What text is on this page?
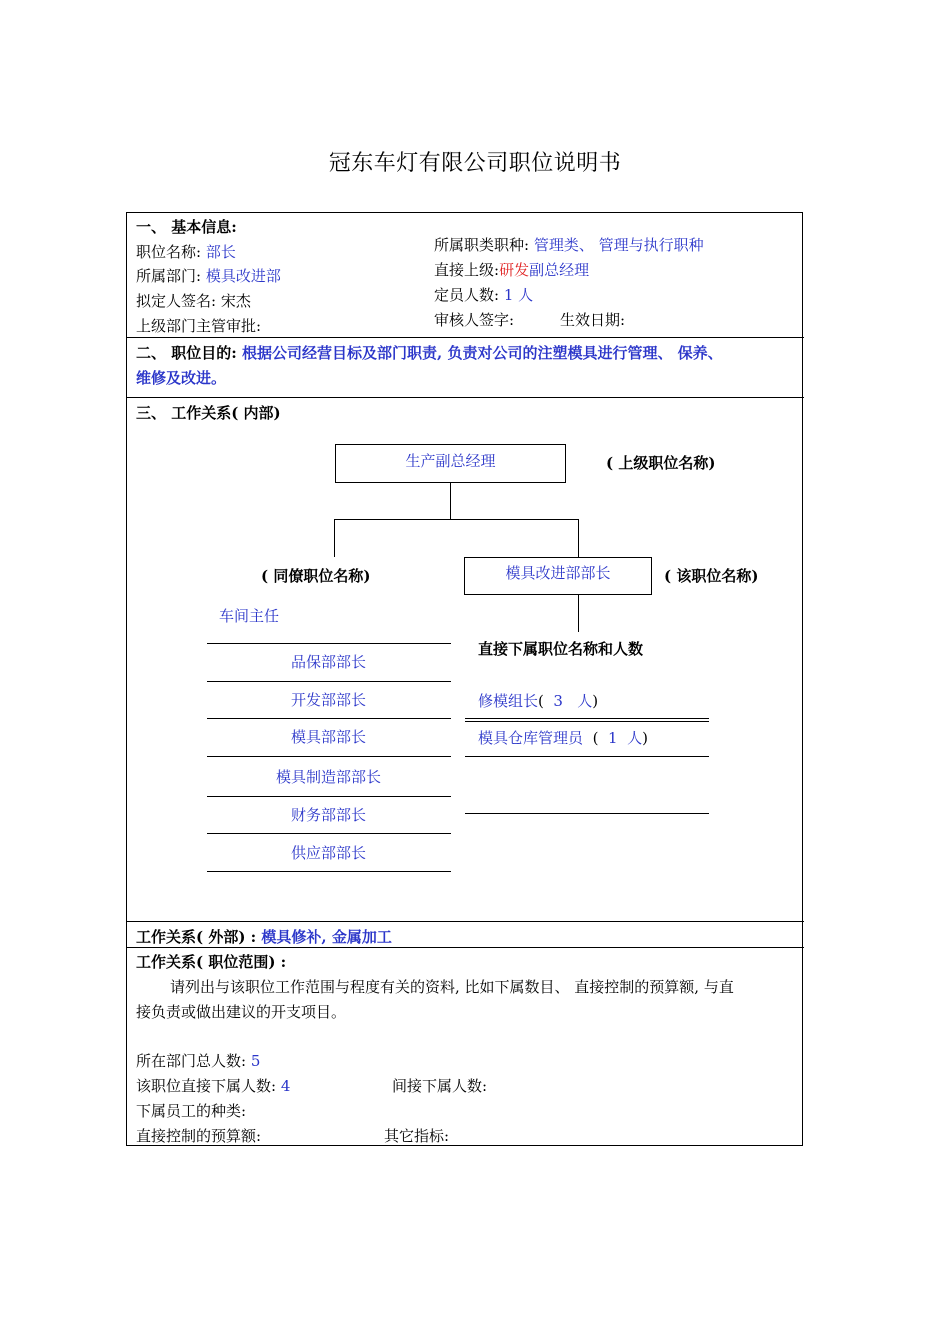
冠东车灯有限公司职位说明书
一、 基本信息:
职位名称: 部长
所属部门: 模具改进部
拟定人签名: 宋杰
上级部门主管审批:
所属职类职种: 管理类、 管理与执行职种
直接上级:研发副总经理
定员人数: 1 人
审核人签字:	生效日期:
二、 职位目的: 根据公司经营目标及部门职责, 负责对公司的注塑模具进行管理、 保养、
维修及改进。
三、 工作关系( 内部)
生产副总经理	( 上级职位名称)
( 同僚职位名称)	模具改进部部长	( 该职位名称)
车间主任
品保部部长
开发部部长
模具部部长
模具制造部部长
财务部部长
供应部部长
直接下属职位名称和人数
修模组长( 3 人)
模具仓库管理员 ( 1 人)
工作关系( 外部) : 模具修补, 金属加工
工作关系( 职位范围) :
请列出与该职位工作范围与程度有关的资料, 比如下属数目、 直接控制的预算额, 与直
接负责或做出建议的开支项目。
所在部门总人数: 5
该职位直接下属人数: 4	间接下属人数:
下属员工的种类:
直接控制的预算额:	其它指标:
